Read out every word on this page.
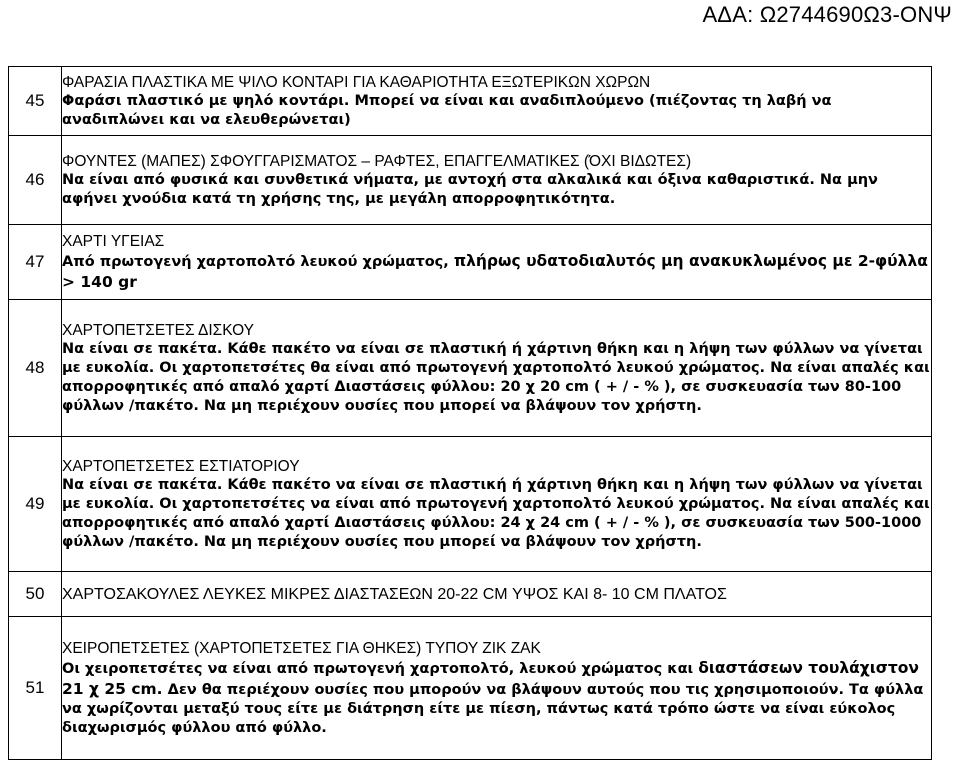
ΑΔΑ: Ω2744690Ω3-ΟΝΨ
45	ΦΑΡΑΣΙΑ ΠΛΑΣΤΙΚΑ ΜΕ ΨΙΛΟ ΚΟΝΤΑΡΙ ΓΙΑ ΚΑΘΑΡΙΟΤΗΤΑ ΕΞΩΤΕΡΙΚΩΝ ΧΩΡΩΝ
Φαράσι πλαστικό με ψηλό κοντάρι. Μπορεί να είναι και αναδιπλούμενο (πιέζοντας τη λαβή να αναδιπλώνει και να ελευθερώνεται)

46	ΦΟΥΝΤΕΣ (ΜΑΠΕΣ) ΣΦΟΥΓΓΑΡΙΣΜΑΤΟΣ – ΡΑΦΤΕΣ, ΕΠΑΓΓΕΛΜΑΤΙΚΕΣ (ΌΧΙ ΒΙΔΩΤΕΣ)
Να είναι από φυσικά και συνθετικά νήματα, με αντοχή στα αλκαλικά και όξινα καθαριστικά. Να μην αφήνει χνούδια κατά τη χρήσης της, με μεγάλη απορροφητικότητα.

47	ΧΑΡΤΙ ΥΓΕΙΑΣ
Από πρωτογενή χαρτοπολτό λευκού χρώματος, πλήρως υδατοδιαλυτός μη ανακυκλωμένος με 2-φύλλα > 140 gr

48	ΧΑΡΤΟΠΕΤΣΕΤΕΣ ΔΙΣΚΟΥ
Να είναι σε πακέτα. Κάθε πακέτο να είναι σε πλαστική ή χάρτινη θήκη και η λήψη των φύλλων να γίνεται με ευκολία. Οι χαρτοπετσέτες θα είναι από πρωτογενή χαρτοπολτό λευκού χρώματος. Να είναι απαλές και απορροφητικές από απαλό χαρτί Διαστάσεις φύλλου: 20 χ 20 cm ( + / - % ), σε συσκευασία των 80-100 φύλλων /πακέτο. Να μη περιέχουν ουσίες που μπορεί να βλάψουν τον χρήστη.

49	ΧΑΡΤΟΠΕΤΣΕΤΕΣ ΕΣΤΙΑΤΟΡΙΟΥ
Να είναι σε πακέτα. Κάθε πακέτο να είναι σε πλαστική ή χάρτινη θήκη και η λήψη των φύλλων να γίνεται με ευκολία. Οι χαρτοπετσέτες να είναι από πρωτογενή χαρτοπολτό λευκού χρώματος. Να είναι απαλές και απορροφητικές από απαλό χαρτί Διαστάσεις φύλλου: 24 χ 24 cm ( + / - % ), σε συσκευασία των 500-1000 φύλλων /πακέτο. Να μη περιέχουν ουσίες που μπορεί να βλάψουν τον χρήστη.

50	ΧΑΡΤΟΣΑΚΟΥΛΕΣ ΛΕΥΚΕΣ ΜΙΚΡΕΣ ΔΙΑΣΤΑΣΕΩΝ 20-22 CM ΥΨΟΣ ΚΑΙ 8- 10 CM ΠΛΑΤΟΣ

51	ΧΕΙΡΟΠΕΤΣΕΤΕΣ (ΧΑΡΤΟΠΕΤΣΕΤΕΣ ΓΙΑ ΘΗΚΕΣ) ΤΥΠΟΥ ΖΙΚ ΖΑΚ
Οι χειροπετσέτες να είναι από πρωτογενή χαρτοπολτό, λευκού χρώματος και διαστάσεων τουλάχιστον 21 χ 25 cm. Δεν θα περιέχουν ουσίες που μπορούν να βλάψουν αυτούς που τις χρησιμοποιούν. Τα φύλλα να χωρίζονται μεταξύ τους είτε με διάτρηση είτε με πίεση, πάντως κατά τρόπο ώστε να είναι εύκολος διαχωρισμός φύλλου από φύλλο.
